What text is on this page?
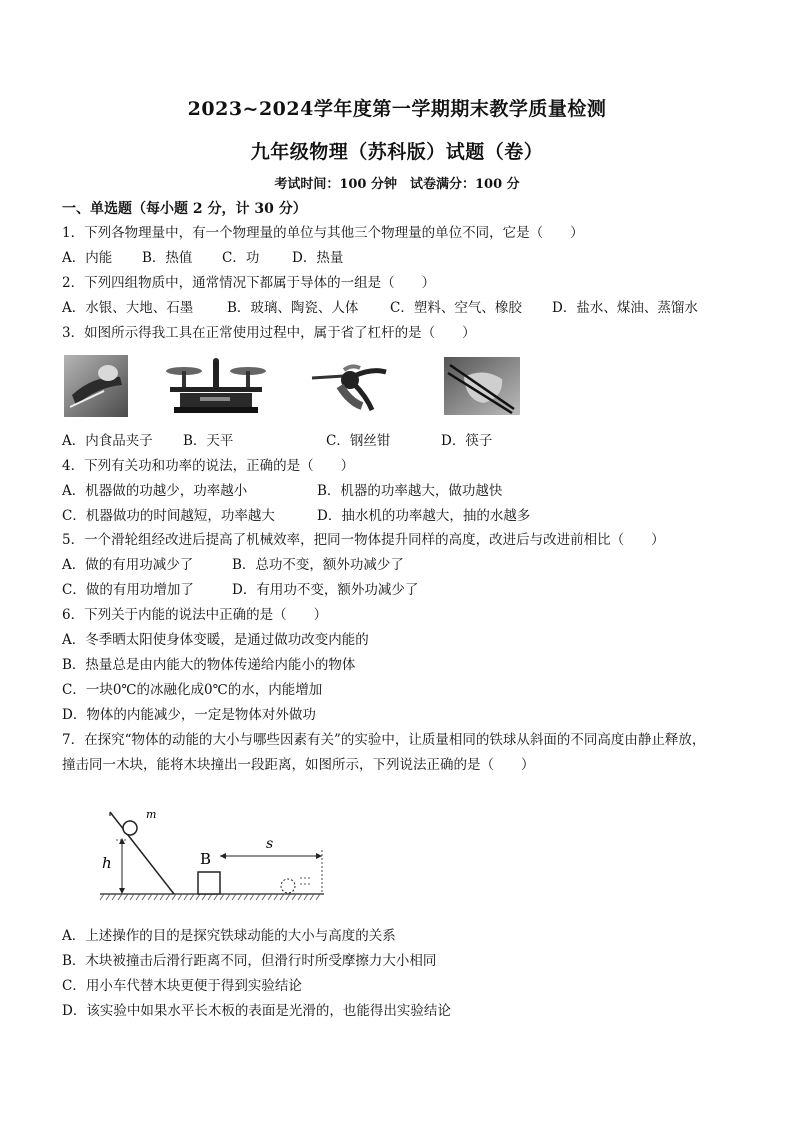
2023~2024学年度第一学期期末教学质量检测
九年级物理（苏科版）试题（卷）
考试时间：100 分钟　试卷满分：100 分
一、单选题（每小题 2 分，计 30 分）
1．下列各物理量中，有一个物理量的单位与其他三个物理量的单位不同，它是（　　）
A．内能 B．热值 C．功 D．热量
2．下列四组物质中，通常情况下都属于导体的一组是（　　）
A．水银、大地、石墨	B．玻璃、陶瓷、人体 C．塑料、空气、橡胶 D．盐水、煤油、蒸馏水
3．如图所示得我工具在正常使用过程中，属于省了杠杆的是（　　）
A．内食品夹子 B．天平	C．钢丝钳	D．筷子
4．下列有关功和功率的说法，正确的是（　　）
A．机器做的功越少，功率越小	B．机器的功率越大，做功越快
C．机器做功的时间越短，功率越大	D．抽水机的功率越大，抽的水越多
5．一个滑轮组经改进后提高了机械效率，把同一物体提升同样的高度，改进后与改进前相比（　　）
A．做的有用功减少了	B．总功不变，额外功减少了
C．做的有用功增加了	D．有用功不变，额外功减少了
6．下列关于内能的说法中正确的是（　　）
A．冬季晒太阳使身体变暖，是通过做功改变内能的
B．热量总是由内能大的物体传递给内能小的物体
C．一块0℃的冰融化成0℃的水，内能增加
D．物体的内能减少，一定是物体对外做功
7．在探究“物体的动能的大小与哪些因素有关”的实验中，让质量相同的铁球从斜面的不同高度由静止释放，
撞击同一木块，能将木块撞出一段距离，如图所示，下列说法正确的是（　　）
m
h	B
s
A．上述操作的目的是探究铁球动能的大小与高度的关系
B．木块被撞击后滑行距离不同，但滑行时所受摩擦力大小相同
C．用小车代替木块更便于得到实验结论
D．该实验中如果水平长木板的表面是光滑的，也能得出实验结论
